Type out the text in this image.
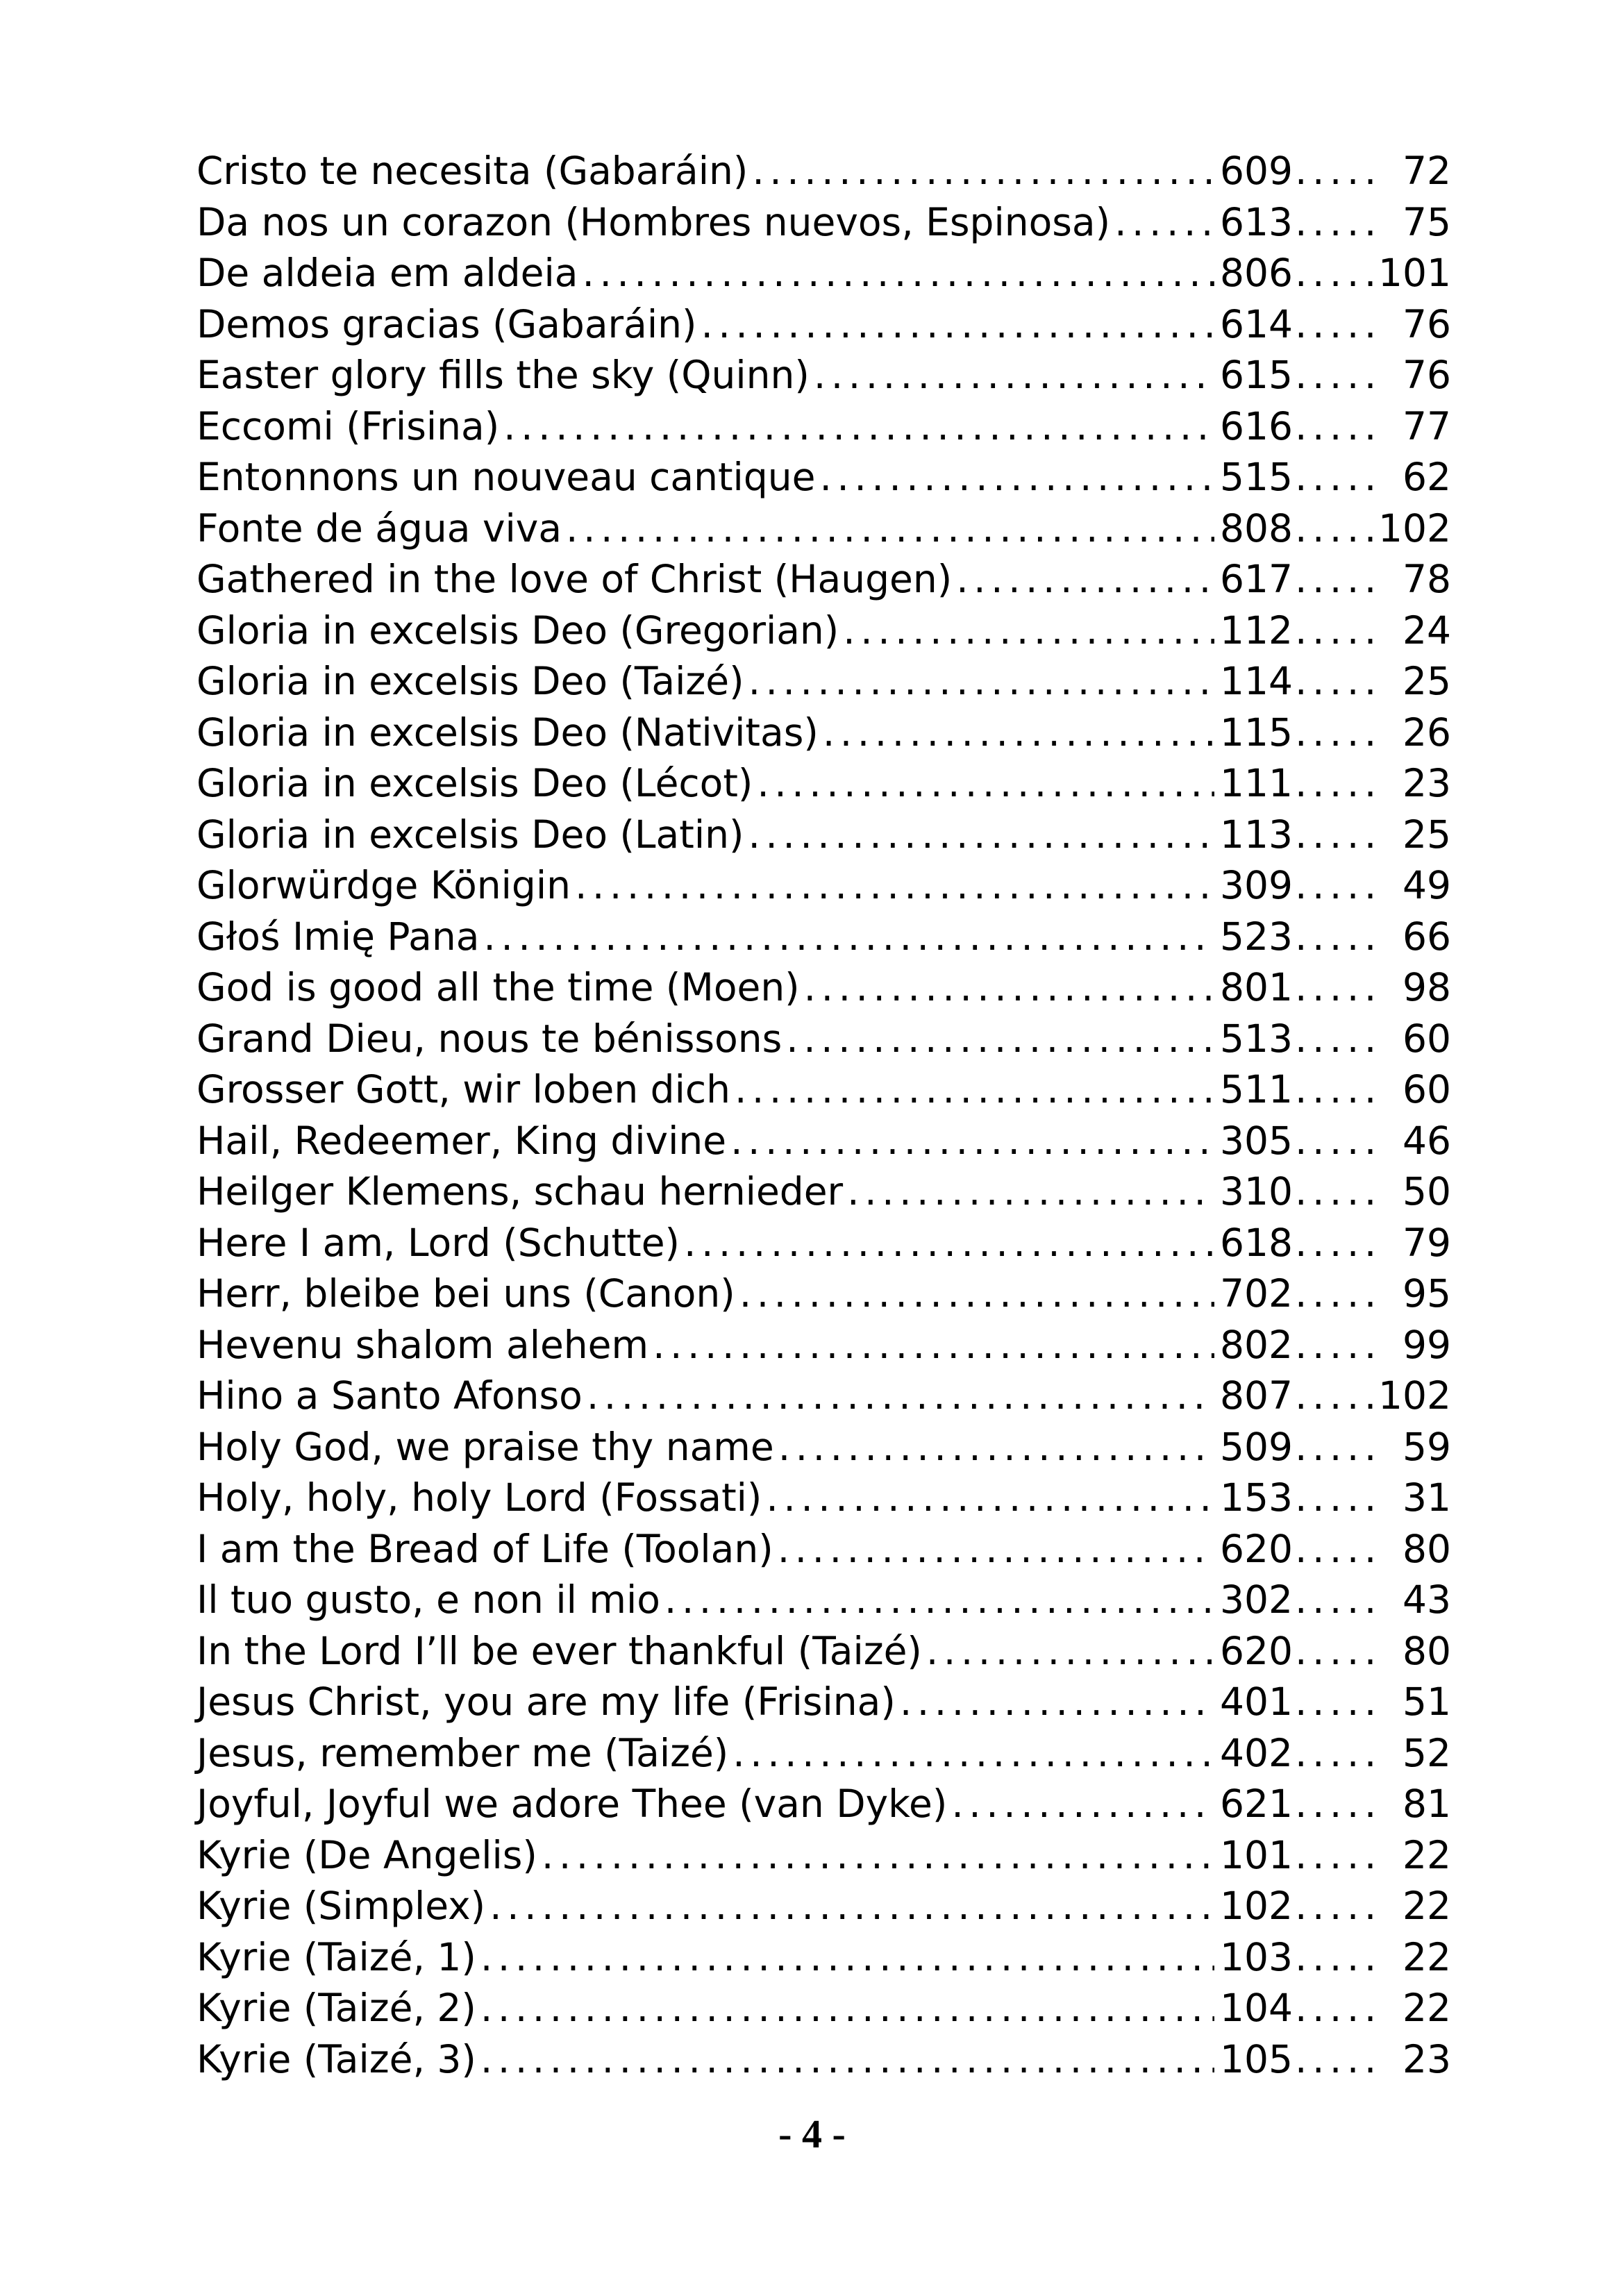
Cristo te necesita (Gabaráin) . . .	609 . . .	72
Da nos un corazon (Hombres nuevos, Espinosa) . . .	613 . . .	75
De aldeia em aldeia . . .	806 . . . 101
Demos gracias (Gabaráin) . . .	614 . . .	76
Easter glory fills the sky (Quinn) . . .	615 . . .	76
Eccomi (Frisina) . . .	616 . . .	77
Entonnons un nouveau cantique . . .	515 . . .	62
Fonte de água viva . . .	808 . . . 102
Gathered in the love of Christ (Haugen) . . .	617 . . .	78
Gloria in excelsis Deo (Gregorian) . . .	112 . . .	24
Gloria in excelsis Deo (Taizé) . . .	114 . . .	25
Gloria in excelsis Deo (Nativitas) . . .	115 . . .	26
Gloria in excelsis Deo (Lécot) . . .	111 . . .	23
Gloria in excelsis Deo (Latin) . . .	113 . . .	25
Glorwürdge Königin . . .	309 . . .	49
Głoś Imię Pana . . .	523 . . .	66
God is good all the time (Moen) . . .	801 . . .	98
Grand Dieu, nous te bénissons . . .	513 . . .	60
Grosser Gott, wir loben dich . . .	511 . . .	60
Hail, Redeemer, King divine . . .	305 . . .	46
Heilger Klemens, schau hernieder . . .	310 . . .	50
Here I am, Lord (Schutte) . . .	618 . . .	79
Herr, bleibe bei uns (Canon) . . .	702 . . .	95
Hevenu shalom alehem . . .	802 . . .	99
Hino a Santo Afonso . . .	807 . . . 102
Holy God, we praise thy name . . .	509 . . .	59
Holy, holy, holy Lord (Fossati) . . .	153 . . .	31
I am the Bread of Life (Toolan) . . .	620 . . .	80
Il tuo gusto, e non il mio . . .	302 . . .	43
In the Lord I’ll be ever thankful (Taizé) . . .	620 . . .	80
Jesus Christ, you are my life (Frisina) . . .	401 . . .	51
Jesus, remember me (Taizé) . . .	402 . . .	52
Joyful, Joyful we adore Thee (van Dyke) . . .	621 . . .	81
Kyrie (De Angelis) . . .	101 . . .	22
Kyrie (Simplex) . . .	102 . . .	22
Kyrie (Taizé, 1) . . .	103 . . .	22
Kyrie (Taizé, 2) . . .	104 . . .	22
Kyrie (Taizé, 3) . . .	105 . . .	23
- 4 -
